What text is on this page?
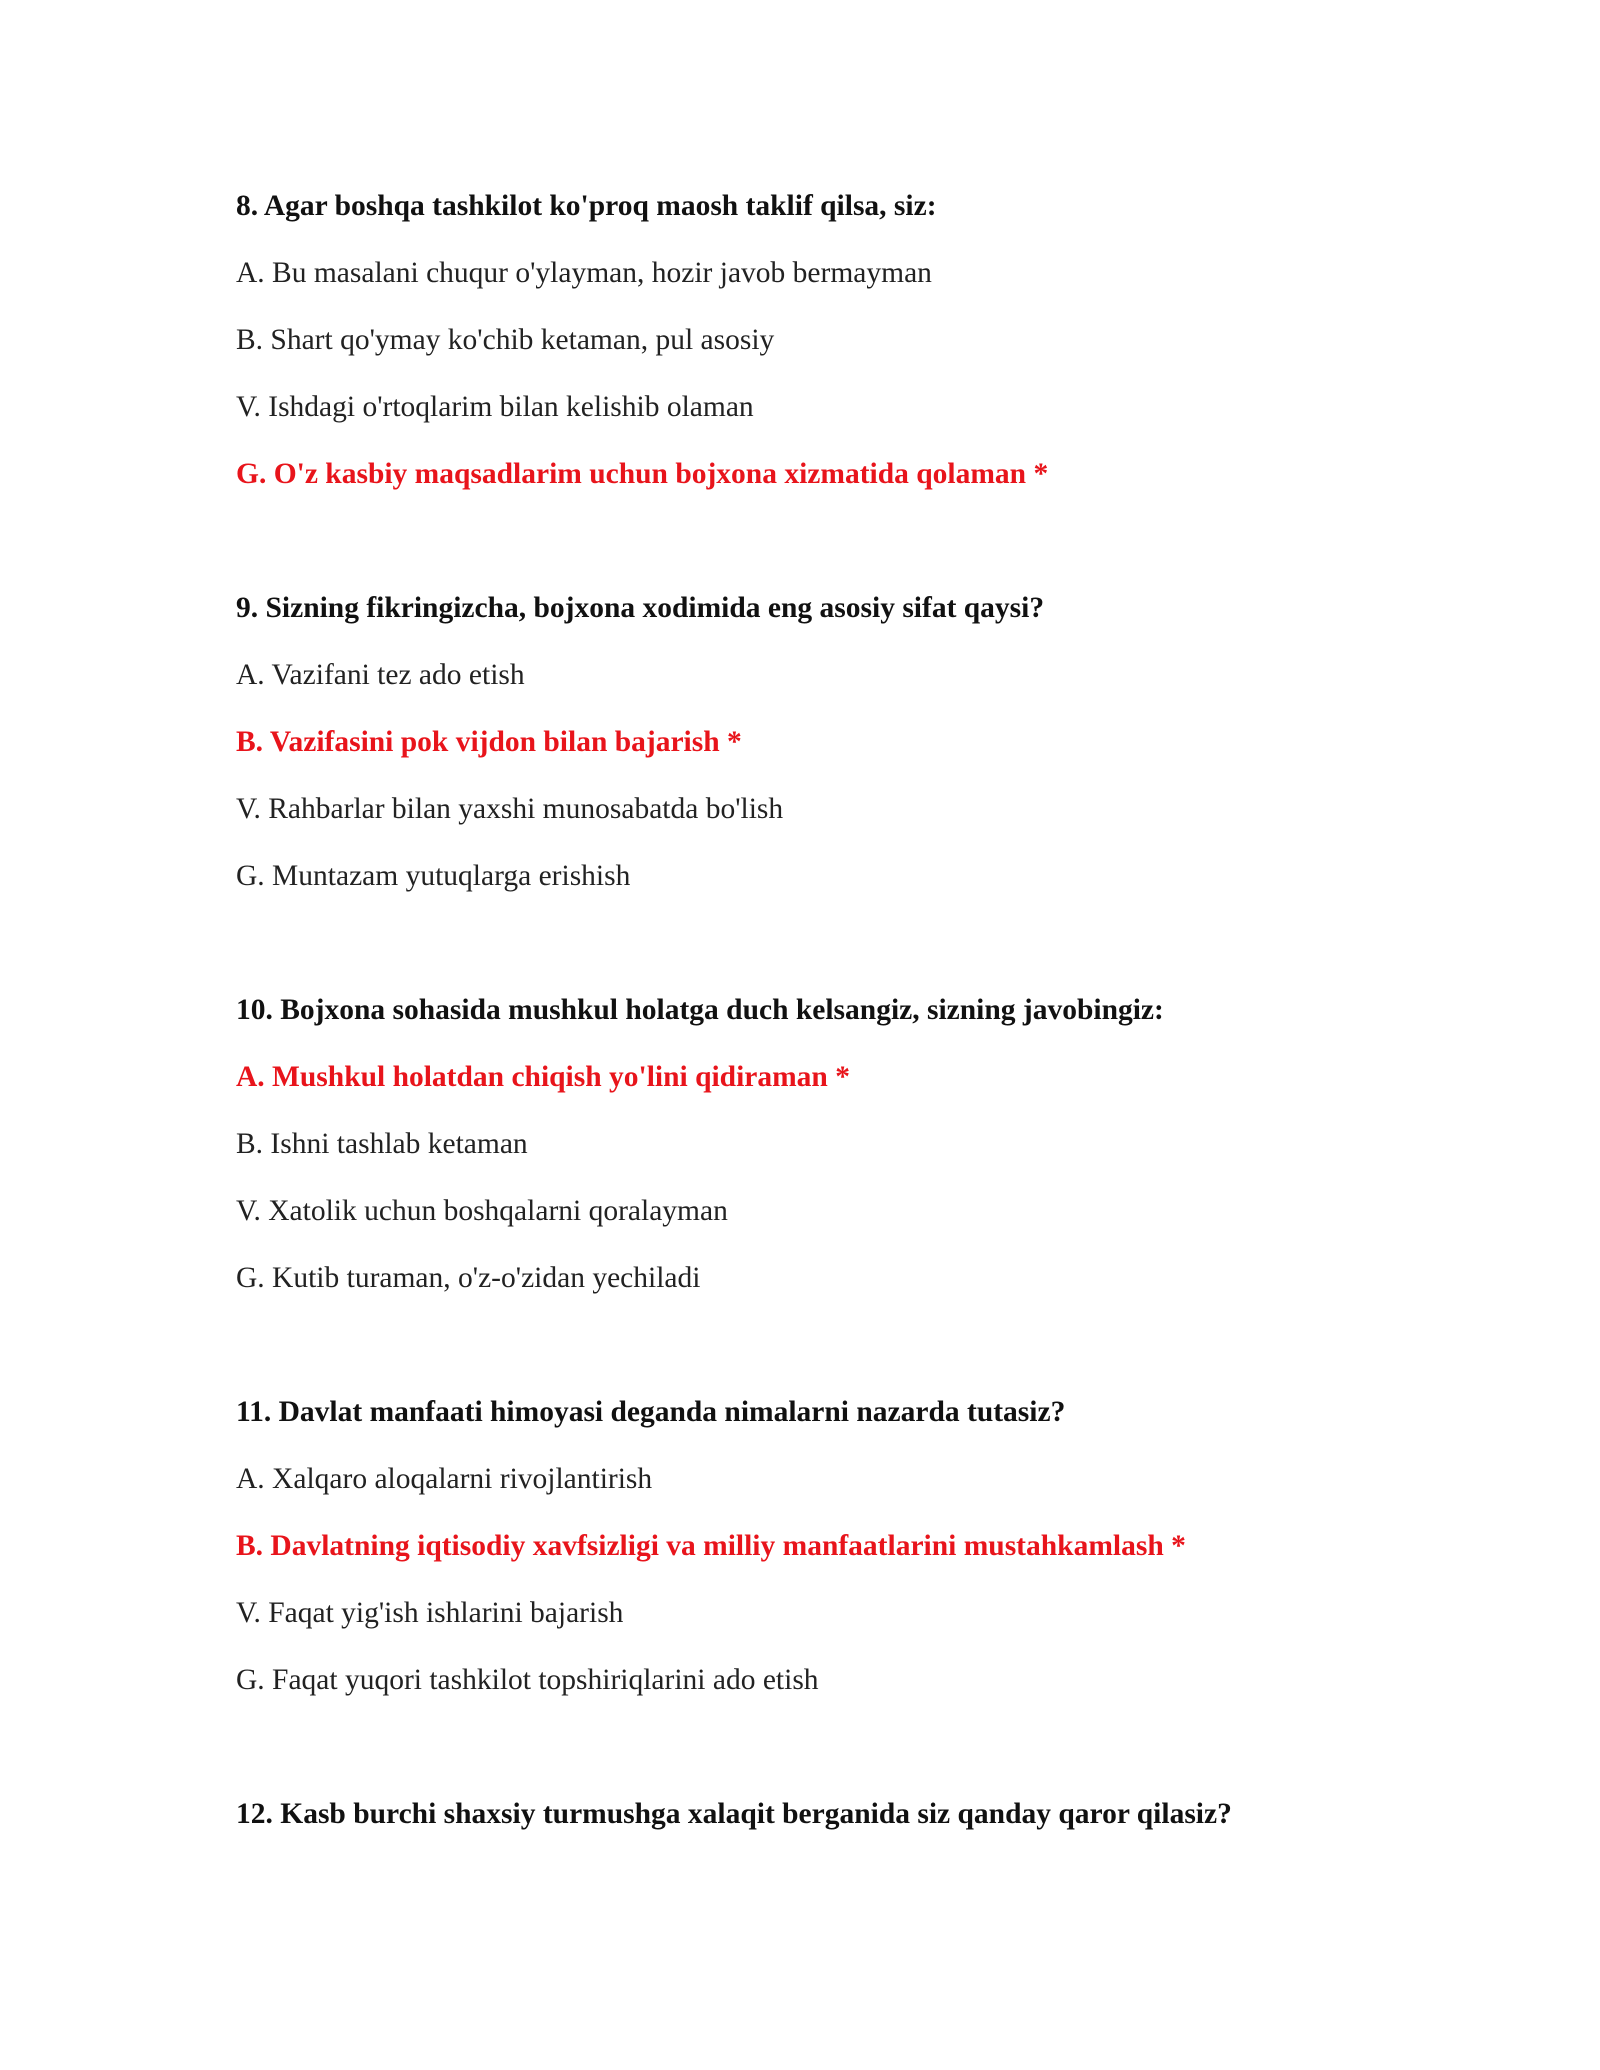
8. Agar boshqa tashkilot ko'proq maosh taklif qilsa, siz:
A. Bu masalani chuqur o'ylayman, hozir javob bermayman
B. Shart qo'ymay ko'chib ketaman, pul asosiy
V. Ishdagi o'rtoqlarim bilan kelishib olaman
G. O'z kasbiy maqsadlarim uchun bojxona xizmatida qolaman *
9. Sizning fikringizcha, bojxona xodimida eng asosiy sifat qaysi?
A. Vazifani tez ado etish
B. Vazifasini pok vijdon bilan bajarish *
V. Rahbarlar bilan yaxshi munosabatda bo'lish
G. Muntazam yutuqlarga erishish
10. Bojxona sohasida mushkul holatga duch kelsangiz, sizning javobingiz:
A. Mushkul holatdan chiqish yo'lini qidiraman *
B. Ishni tashlab ketaman
V. Xatolik uchun boshqalarni qoralayman
G. Kutib turaman, o'z-o'zidan yechiladi
11. Davlat manfaati himoyasi deganda nimalarni nazarda tutasiz?
A. Xalqaro aloqalarni rivojlantirish
B. Davlatning iqtisodiy xavfsizligi va milliy manfaatlarini mustahkamlash *
V. Faqat yig'ish ishlarini bajarish
G. Faqat yuqori tashkilot topshiriqlarini ado etish
12. Kasb burchi shaxsiy turmushga xalaqit berganida siz qanday qaror qilasiz?
